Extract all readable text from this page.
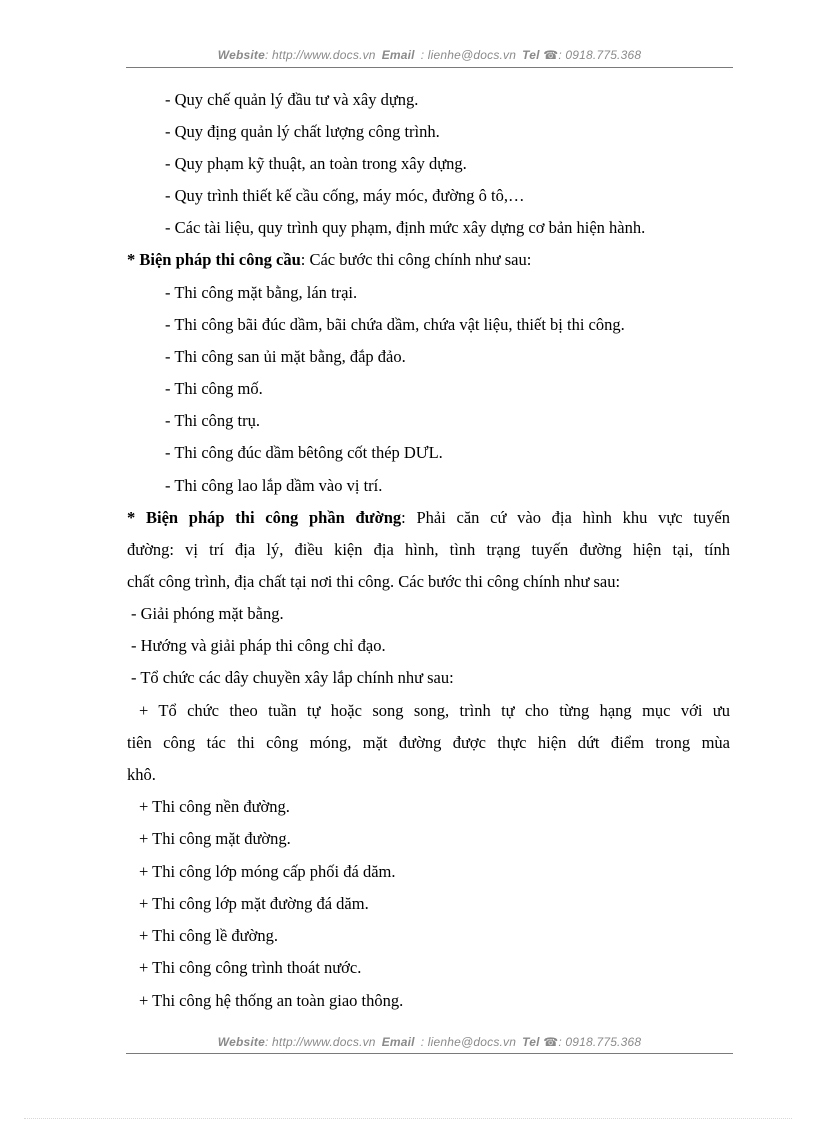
Website: http://www.docs.vn Email : lienhe@docs.vn Tel ☎: 0918.775.368
- Quy chế quản lý đầu tư và xây dựng.
- Quy địng quản lý chất lượng công trình.
- Quy phạm kỹ thuật, an toàn trong xây dựng.
- Quy trình thiết kế cầu cống, máy móc, đường ô tô,…
- Các tài liệu, quy trình quy phạm, định mức xây dựng cơ bản hiện hành.
* Biện pháp thi công cầu: Các bước thi công chính như sau:
- Thi công mặt bằng, lán trại.
- Thi công bãi đúc dầm, bãi chứa dầm, chứa vật liệu, thiết bị thi công.
- Thi công san ủi mặt bằng, đắp đảo.
- Thi công mố.
- Thi công trụ.
- Thi công đúc dầm bêtông cốt thép DƯL.
- Thi công lao lắp dầm vào vị trí.
* Biện pháp thi công phần đường: Phải căn cứ vào địa hình khu vực tuyến
đường: vị trí địa lý, điều kiện địa hình, tình trạng tuyến đường hiện tại, tính
chất công trình, địa chất tại nơi thi công. Các bước thi công chính như sau:
- Giải phóng mặt bằng.
- Hướng và giải pháp thi công chỉ đạo.
- Tổ chức các dây chuyền xây lắp chính như sau:
+ Tổ chức theo tuần tự hoặc song song, trình tự cho từng hạng mục với ưu
tiên công tác thi công móng, mặt đường được thực hiện dứt điểm trong mùa
khô.
+ Thi công nền đường.
+ Thi công mặt đường.
+ Thi công lớp móng cấp phối đá dăm.
+ Thi công lớp mặt đường đá dăm.
+ Thi công lề đường.
+ Thi công công trình thoát nước.
+ Thi công hệ thống an toàn giao thông.
Website: http://www.docs.vn Email : lienhe@docs.vn Tel ☎: 0918.775.368
